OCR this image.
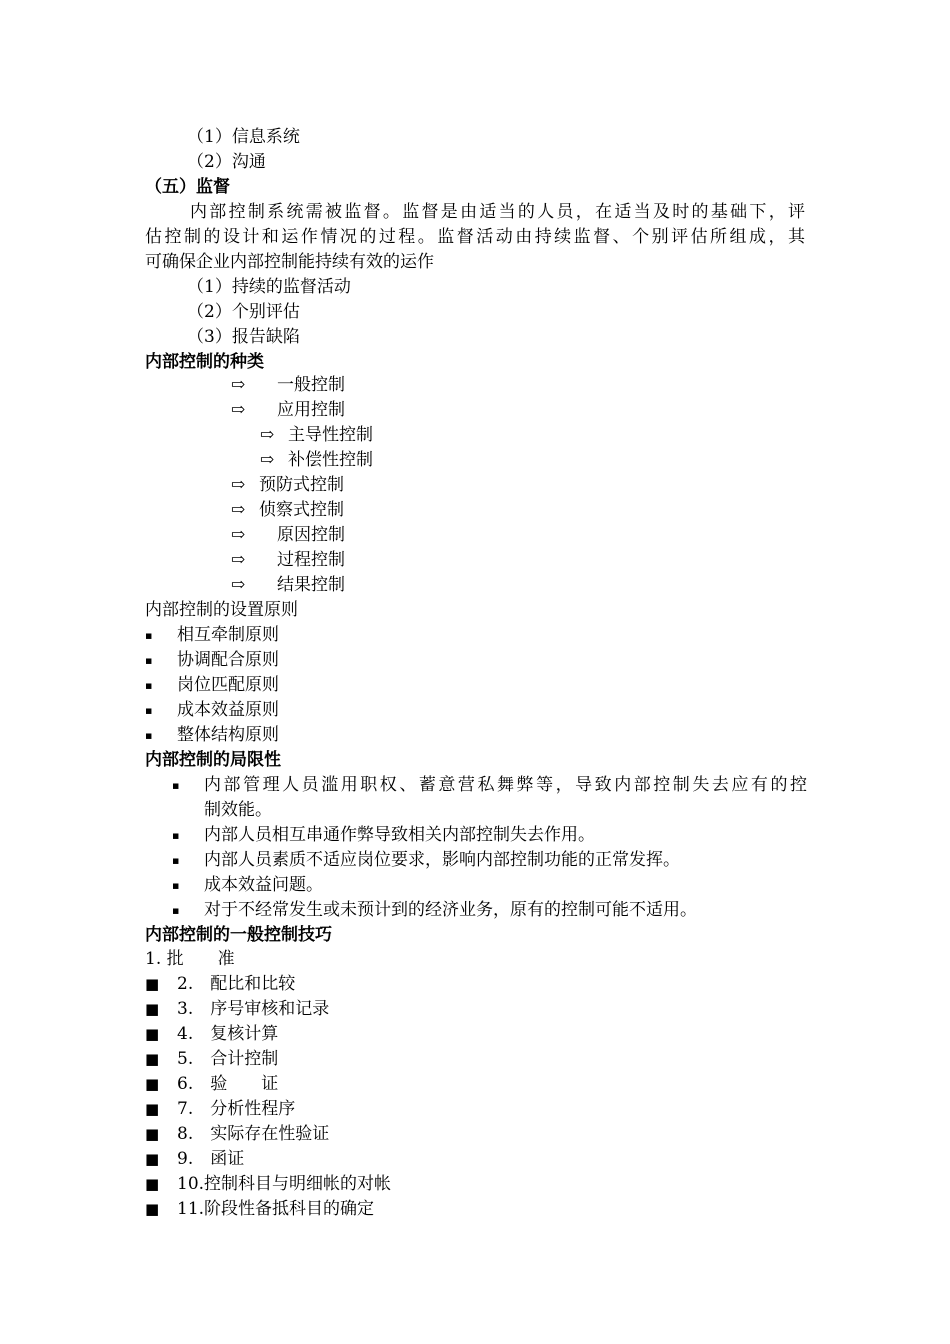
（1）信息系统
（2）沟通
（五）监督
内部控制系统需被监督。监督是由适当的人员，在适当及时的基础下，评
估控制的设计和运作情况的过程。监督活动由持续监督、个别评估所组成，其
可确保企业内部控制能持续有效的运作
（1）持续的监督活动
（2）个别评估
（3）报告缺陷
内部控制的种类
⇨ 一般控制
⇨ 应用控制
⇨ 主导性控制
⇨ 补偿性控制
⇨ 预防式控制
⇨ 侦察式控制
⇨ 原因控制
⇨ 过程控制
⇨ 结果控制
内部控制的设置原则
▪ 相互牵制原则
▪ 协调配合原则
▪ 岗位匹配原则
▪ 成本效益原则
▪ 整体结构原则
内部控制的局限性
▪ 内部管理人员滥用职权、蓄意营私舞弊等，导致内部控制失去应有的控
制效能。
▪ 内部人员相互串通作弊导致相关内部控制失去作用。
▪ 内部人员素质不适应岗位要求，影响内部控制功能的正常发挥。
▪ 成本效益问题。
▪ 对于不经常发生或未预计到的经济业务，原有的控制可能不适用。
内部控制的一般控制技巧
1. 批　　准
■ 2.　配比和比较
■ 3.　序号审核和记录
■ 4.　复核计算
■ 5.　合计控制
■ 6.　验　　证
■ 7.　分析性程序
■ 8.　实际存在性验证
■ 9.　函证
■ 10.控制科目与明细帐的对帐
■ 11.阶段性备抵科目的确定
